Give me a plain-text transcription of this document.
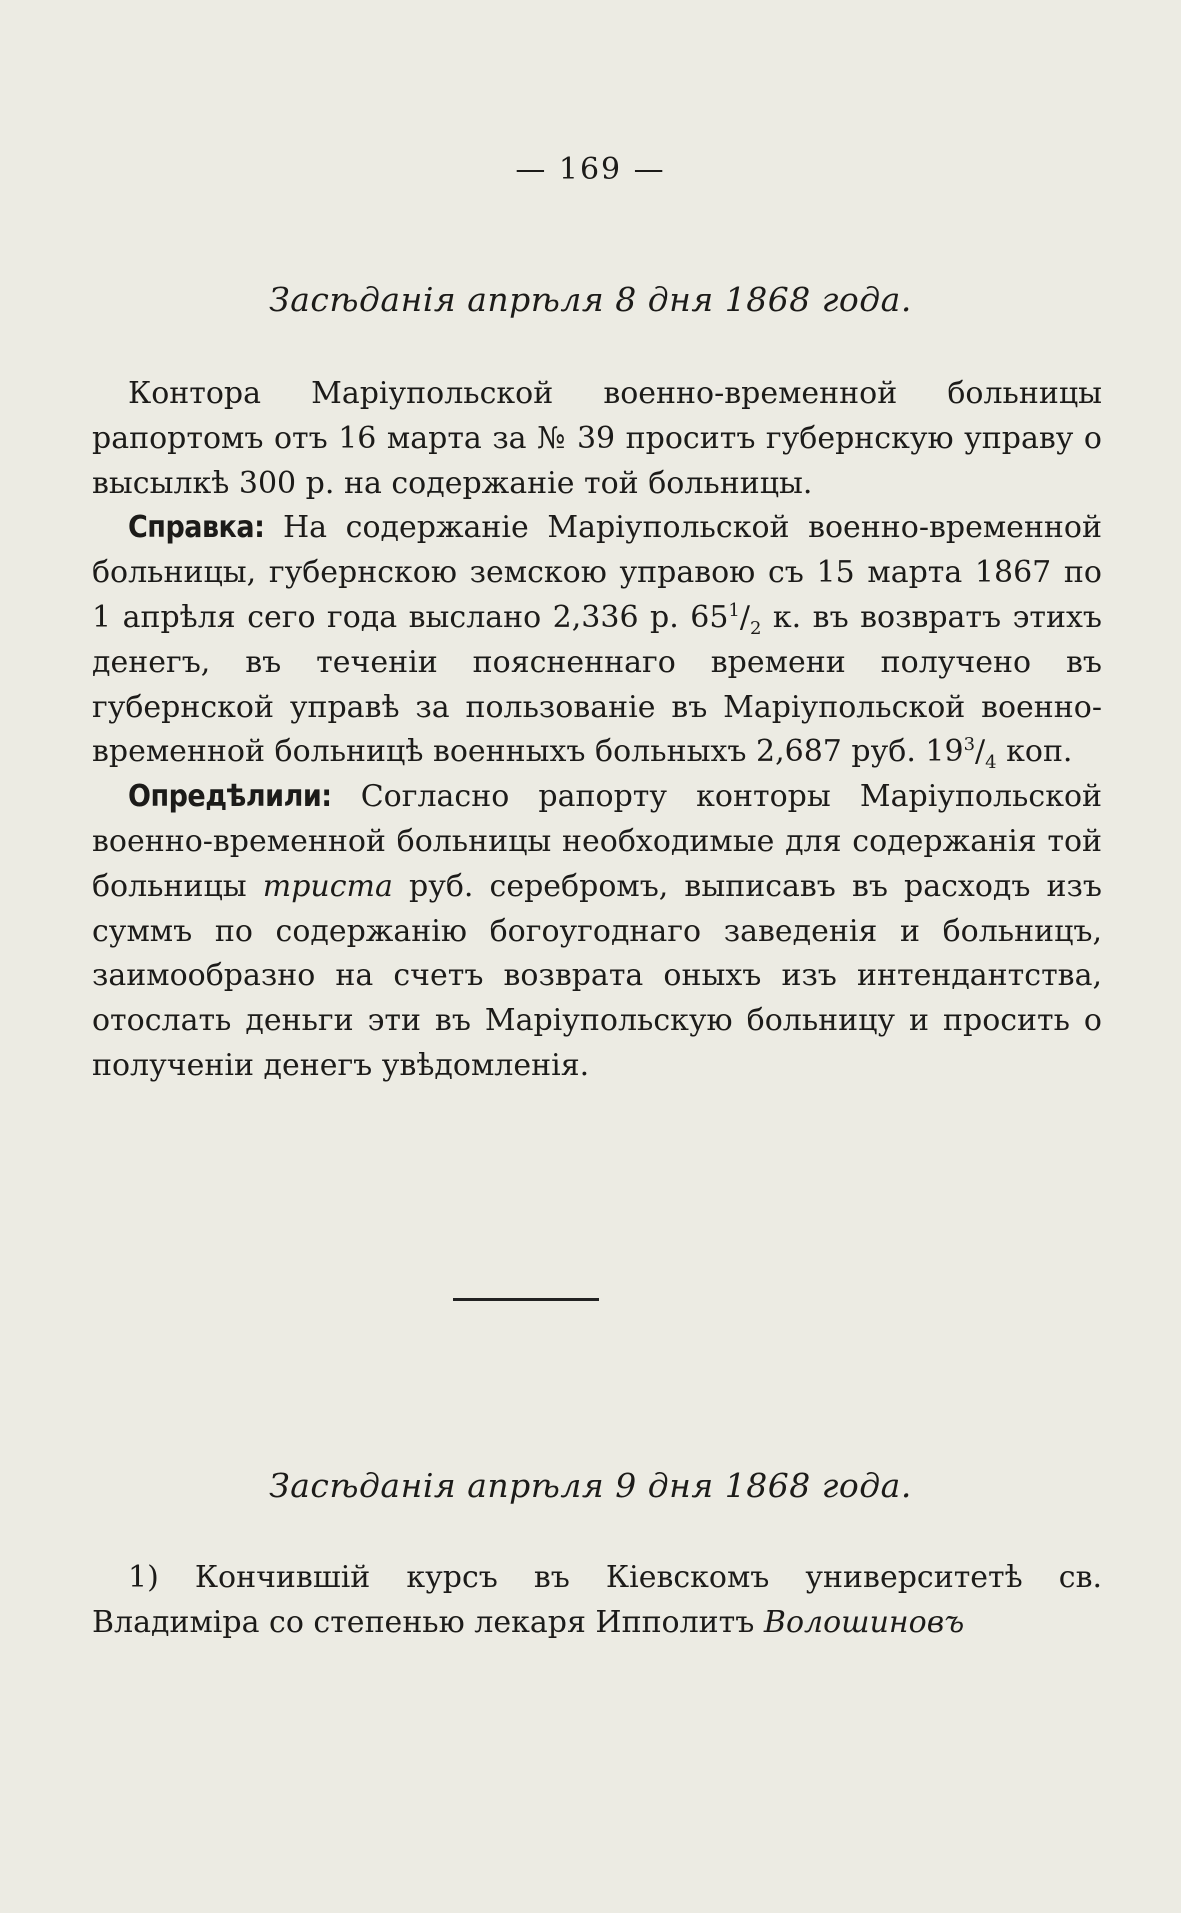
— 169 —
Засѣданія апрѣля 8 дня 1868 года.

Контора Маріупольской военно-временной больницы рапортомъ отъ 16 марта за № 39 проситъ губернскую управу о высылкѣ 300 р. на содержаніе той больницы.

Справка: На содержаніе Маріупольской военно-временной больницы, губернскою земскою управою съ 15 марта 1867 по 1 апрѣля сего года выслано 2,336 р. $65^1/_2$ к. въ возвратъ этихъ денегъ, въ теченіи поясненнаго времени получено въ губернской управѣ за пользованіе въ Маріупольской военно-временной больницѣ военныхъ больныхъ 2,687 руб. $19^3/_4$ коп.

Опредѣлили: Согласно рапорту конторы Маріупольской военно-временной больницы необходимые для содержанія той больницы триста руб. серебромъ, выписавъ въ расходъ изъ суммъ по содержанію богоугоднаго заведенія и больницъ, заимообразно на счетъ возврата оныхъ изъ интендантства, отослать деньги эти въ Маріупольскую больницу и просить о полученіи денегъ увѣдомленія.

Засѣданія апрѣля 9 дня 1868 года.

1) Кончившій курсъ въ Кіевскомъ университетѣ св. Владиміра со степенью лекаря Ипполитъ Волошиновъ
